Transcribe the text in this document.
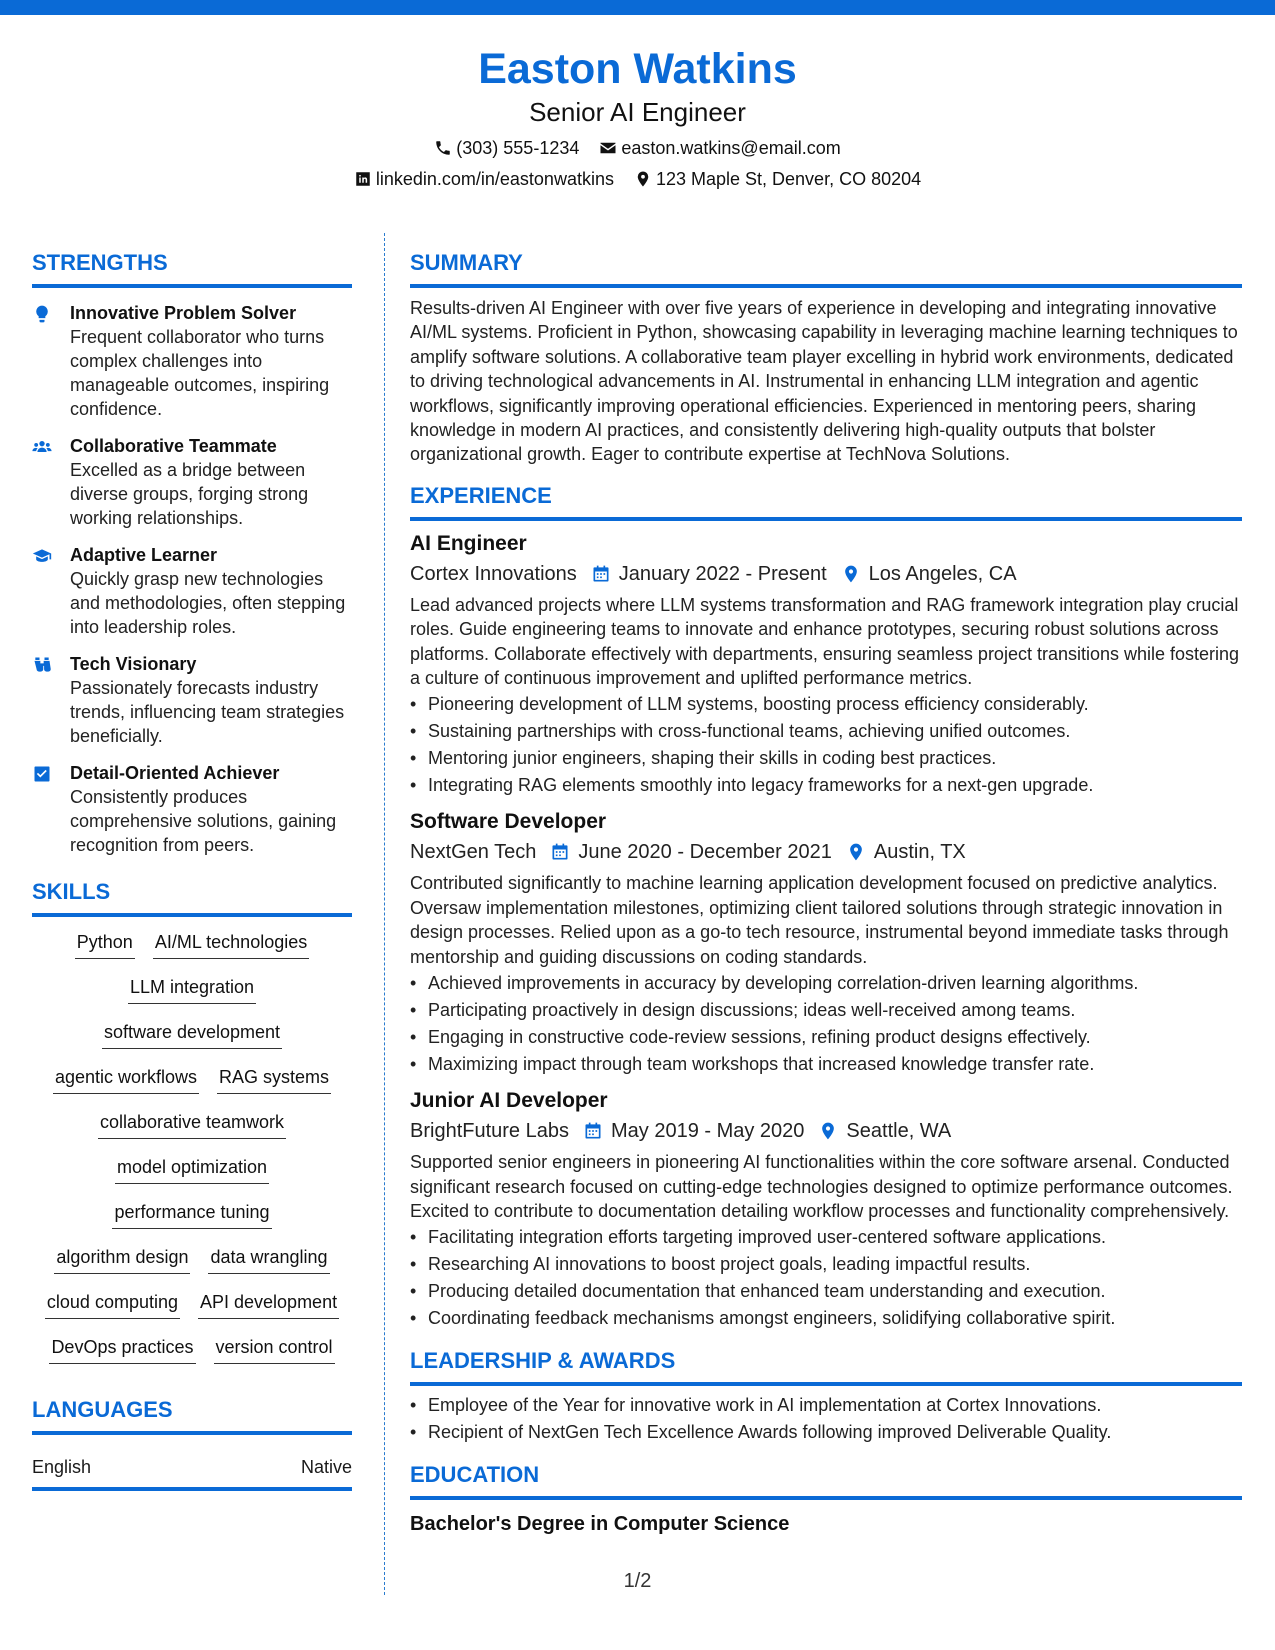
Easton Watkins
Senior AI Engineer
(303) 555-1234 easton.watkins@email.com
linkedin.com/in/eastonwatkins 123 Maple St, Denver, CO 80204
STRENGTHS
Innovative Problem Solver
Frequent collaborator who turns complex challenges into manageable outcomes, inspiring confidence.
Collaborative Teammate
Excelled as a bridge between diverse groups, forging strong working relationships.
Adaptive Learner
Quickly grasp new technologies and methodologies, often stepping into leadership roles.
Tech Visionary
Passionately forecasts industry trends, influencing team strategies beneficially.
Detail-Oriented Achiever
Consistently produces comprehensive solutions, gaining recognition from peers.
SKILLS
Python AI/ML technologies
LLM integration
software development
agentic workflows RAG systems
collaborative teamwork
model optimization
performance tuning
algorithm design data wrangling
cloud computing API development
DevOps practices version control
LANGUAGES
English	Native
SUMMARY
Results-driven AI Engineer with over five years of experience in developing and integrating innovative AI/ML systems. Proficient in Python, showcasing capability in leveraging machine learning techniques to amplify software solutions. A collaborative team player excelling in hybrid work environments, dedicated to driving technological advancements in AI. Instrumental in enhancing LLM integration and agentic workflows, significantly improving operational efficiencies. Experienced in mentoring peers, sharing knowledge in modern AI practices, and consistently delivering high-quality outputs that bolster organizational growth. Eager to contribute expertise at TechNova Solutions.
EXPERIENCE
AI Engineer
Cortex Innovations January 2022 - Present Los Angeles, CA
Lead advanced projects where LLM systems transformation and RAG framework integration play crucial roles. Guide engineering teams to innovate and enhance prototypes, securing robust solutions across platforms. Collaborate effectively with departments, ensuring seamless project transitions while fostering a culture of continuous improvement and uplifted performance metrics.
• Pioneering development of LLM systems, boosting process efficiency considerably.
• Sustaining partnerships with cross-functional teams, achieving unified outcomes.
• Mentoring junior engineers, shaping their skills in coding best practices.
• Integrating RAG elements smoothly into legacy frameworks for a next-gen upgrade.
Software Developer
NextGen Tech June 2020 - December 2021 Austin, TX
Contributed significantly to machine learning application development focused on predictive analytics. Oversaw implementation milestones, optimizing client tailored solutions through strategic innovation in design processes. Relied upon as a go-to tech resource, instrumental beyond immediate tasks through mentorship and guiding discussions on coding standards.
• Achieved improvements in accuracy by developing correlation-driven learning algorithms.
• Participating proactively in design discussions; ideas well-received among teams.
• Engaging in constructive code-review sessions, refining product designs effectively.
• Maximizing impact through team workshops that increased knowledge transfer rate.
Junior AI Developer
BrightFuture Labs May 2019 - May 2020 Seattle, WA
Supported senior engineers in pioneering AI functionalities within the core software arsenal. Conducted significant research focused on cutting-edge technologies designed to optimize performance outcomes. Excited to contribute to documentation detailing workflow processes and functionality comprehensively.
• Facilitating integration efforts targeting improved user-centered software applications.
• Researching AI innovations to boost project goals, leading impactful results.
• Producing detailed documentation that enhanced team understanding and execution.
• Coordinating feedback mechanisms amongst engineers, solidifying collaborative spirit.
LEADERSHIP & AWARDS
• Employee of the Year for innovative work in AI implementation at Cortex Innovations.
• Recipient of NextGen Tech Excellence Awards following improved Deliverable Quality.
EDUCATION
Bachelor's Degree in Computer Science
1/2
